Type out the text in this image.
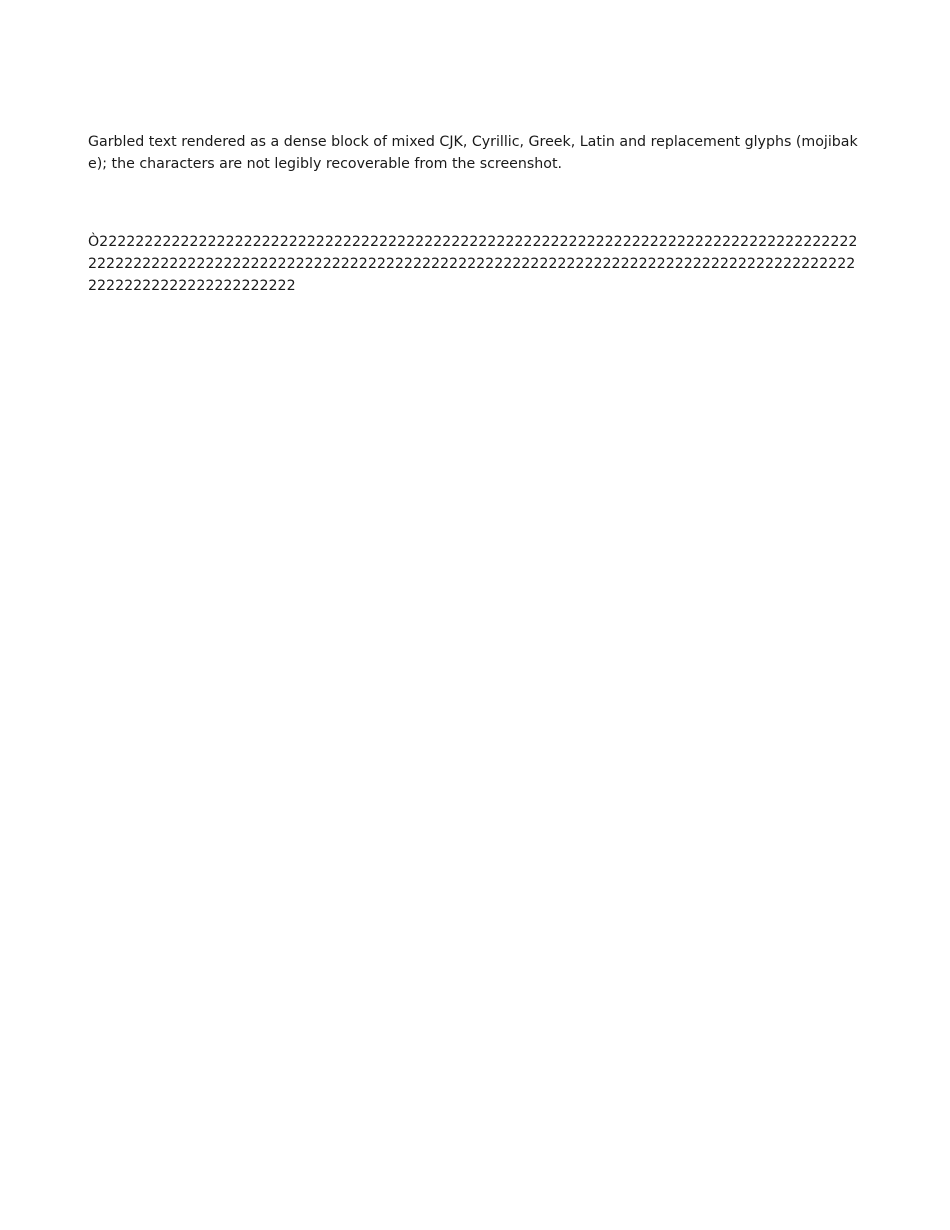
Garbled text rendered as a dense block of mixed CJK, Cyrillic, Greek, Latin and replacement glyphs (mojibake); the characters are not legibly recoverable from the screenshot.

Ò222222222222222222222222222222222222222222222222222222222222222222222222222222222222222222222222222222222222222222222222222222222222222222222222222222222222222222222222222222222222222222222222
